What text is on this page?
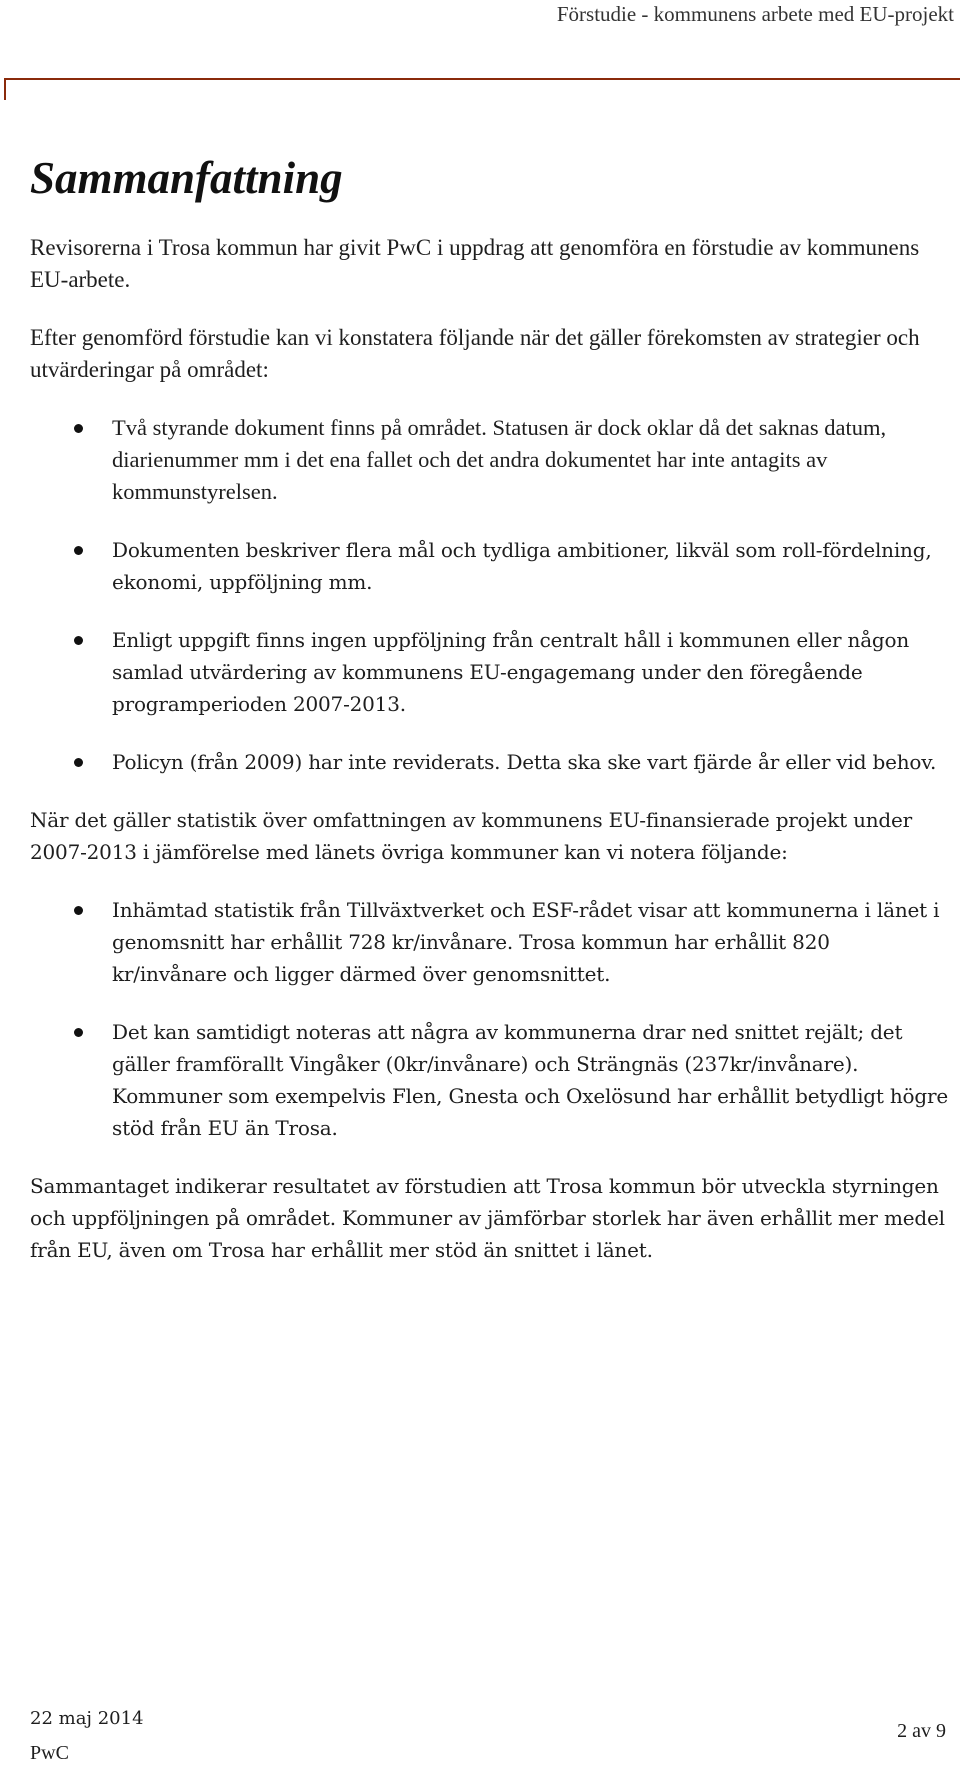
Förstudie - kommunens arbete med EU-projekt
Sammanfattning

Revisorerna i Trosa kommun har givit PwC i uppdrag att genomföra en förstudie av kommunens EU-arbete.

Efter genomförd förstudie kan vi konstatera följande när det gäller förekomsten av strategier och utvärderingar på området:

Två styrande dokument finns på området. Statusen är dock oklar då det saknas datum, diarienummer mm i det ena fallet och det andra dokumentet har inte antagits av kommunstyrelsen.
Dokumenten beskriver flera mål och tydliga ambitioner, likväl som roll-fördelning, ekonomi, uppföljning mm.
Enligt uppgift finns ingen uppföljning från centralt håll i kommunen eller någon samlad utvärdering av kommunens EU-engagemang under den föregående programperioden 2007-2013.
Policyn (från 2009) har inte reviderats. Detta ska ske vart fjärde år eller vid behov.

När det gäller statistik över omfattningen av kommunens EU-finansierade projekt under 2007-2013 i jämförelse med länets övriga kommuner kan vi notera följande:

Inhämtad statistik från Tillväxtverket och ESF-rådet visar att kommunerna i länet i genomsnitt har erhållit 728 kr/invånare. Trosa kommun har erhållit 820 kr/invånare och ligger därmed över genomsnittet.
Det kan samtidigt noteras att några av kommunerna drar ned snittet rejält; det gäller framförallt Vingåker (0kr/invånare) och Strängnäs (237kr/invånare). Kommuner som exempelvis Flen, Gnesta och Oxelösund har erhållit betydligt högre stöd från EU än Trosa.

Sammantaget indikerar resultatet av förstudien att Trosa kommun bör utveckla styrningen och uppföljningen på området. Kommuner av jämförbar storlek har även erhållit mer medel från EU, även om Trosa har erhållit mer stöd än snittet i länet.

22 maj 2014
PwC
2 av 9
